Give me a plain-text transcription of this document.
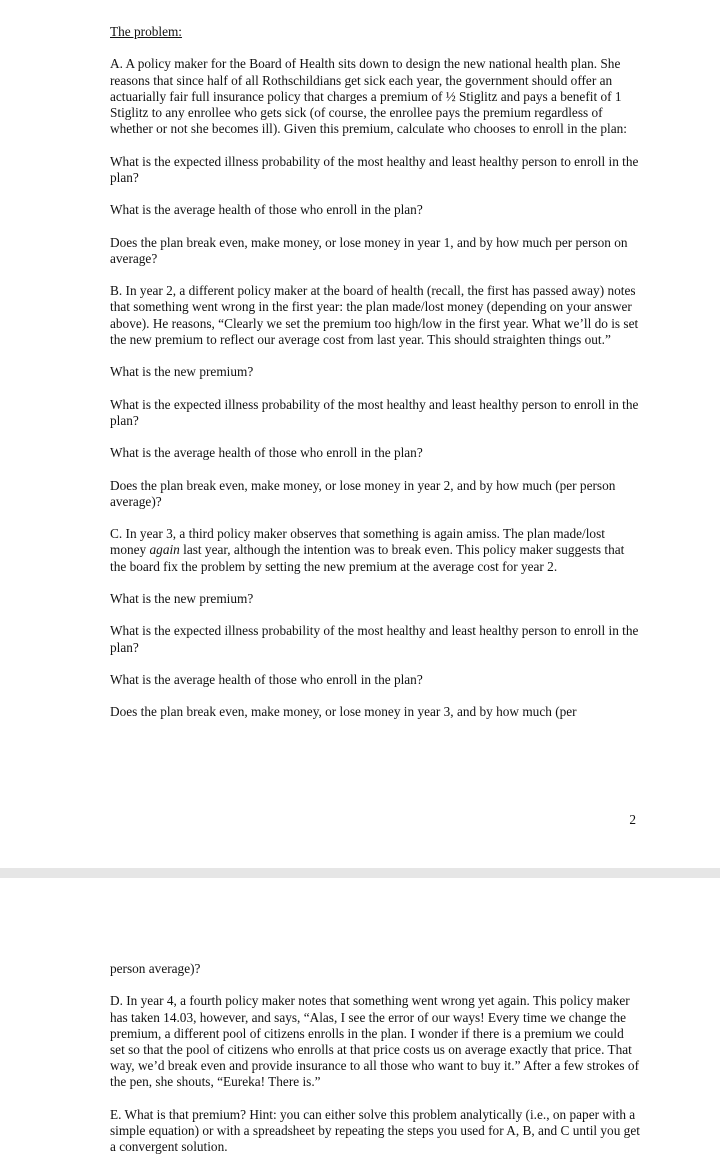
The problem:

A. A policy maker for the Board of Health sits down to design the new national health plan. She reasons that since half of all Rothschildians get sick each year, the government should offer an actuarially fair full insurance policy that charges a premium of ½ Stiglitz and pays a benefit of 1 Stiglitz to any enrollee who gets sick (of course, the enrollee pays the premium regardless of whether or not she becomes ill). Given this premium, calculate who chooses to enroll in the plan:

What is the expected illness probability of the most healthy and least healthy person to enroll in the plan?

What is the average health of those who enroll in the plan?

Does the plan break even, make money, or lose money in year 1, and by how much per person on average?

B. In year 2, a different policy maker at the board of health (recall, the first has passed away) notes that something went wrong in the first year: the plan made/lost money (depending on your answer above). He reasons, “Clearly we set the premium too high/low in the first year. What we’ll do is set the new premium to reflect our average cost from last year. This should straighten things out.”

What is the new premium?

What is the expected illness probability of the most healthy and least healthy person to enroll in the plan?

What is the average health of those who enroll in the plan?

Does the plan break even, make money, or lose money in year 2, and by how much (per person average)?

C. In year 3, a third policy maker observes that something is again amiss. The plan made/lost money again last year, although the intention was to break even. This policy maker suggests that the board fix the problem by setting the new premium at the average cost for year 2.

What is the new premium?

What is the expected illness probability of the most healthy and least healthy person to enroll in the plan?

What is the average health of those who enroll in the plan?

Does the plan break even, make money, or lose money in year 3, and by how much (per

2

person average)?

D. In year 4, a fourth policy maker notes that something went wrong yet again. This policy maker has taken 14.03, however, and says, “Alas, I see the error of our ways! Every time we change the premium, a different pool of citizens enrolls in the plan. I wonder if there is a premium we could set so that the pool of citizens who enrolls at that price costs us on average exactly that price. That way, we’d break even and provide insurance to all those who want to buy it.” After a few strokes of the pen, she shouts, “Eureka! There is.”

E. What is that premium? Hint: you can either solve this problem analytically (i.e., on paper with a simple equation) or with a spreadsheet by repeating the steps you used for A, B, and C until you get a convergent solution.
